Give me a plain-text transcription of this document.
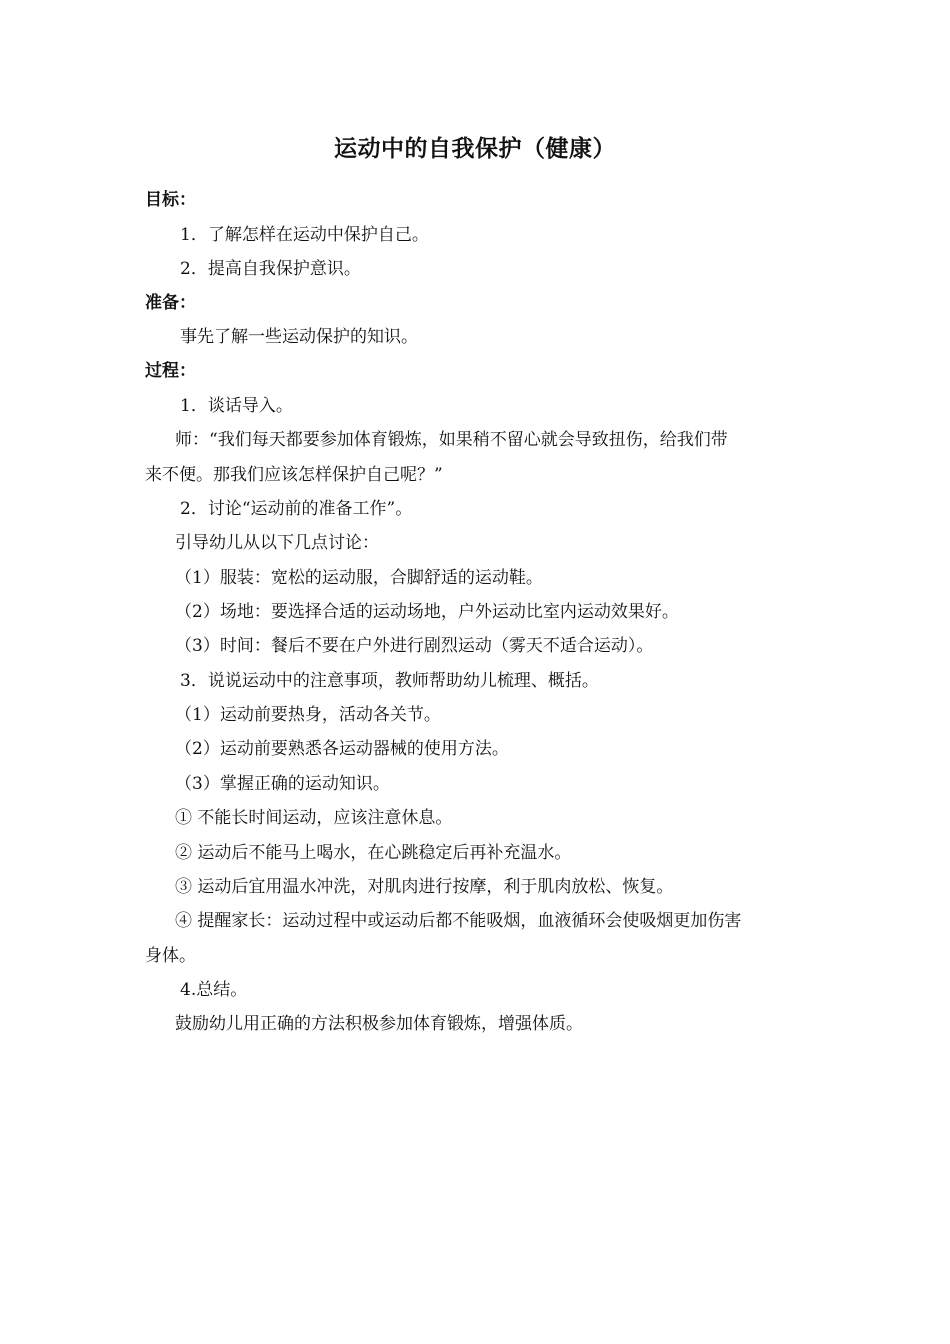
运动中的自我保护（健康）
目标：
1．了解怎样在运动中保护自己。
2．提高自我保护意识。
准备：
事先了解一些运动保护的知识。
过程：
1．谈话导入。
师：“我们每天都要参加体育锻炼，如果稍不留心就会导致扭伤，给我们带
来不便。那我们应该怎样保护自己呢？”
2．讨论“运动前的准备工作”。
引导幼儿从以下几点讨论：
（1）服装：宽松的运动服，合脚舒适的运动鞋。
（2）场地：要选择合适的运动场地，户外运动比室内运动效果好。
（3）时间：餐后不要在户外进行剧烈运动（雾天不适合运动）。
3．说说运动中的注意事项，教师帮助幼儿梳理、概括。
（1）运动前要热身，活动各关节。
（2）运动前要熟悉各运动器械的使用方法。
（3）掌握正确的运动知识。
① 不能长时间运动，应该注意休息。
② 运动后不能马上喝水，在心跳稳定后再补充温水。
③ 运动后宜用温水冲洗，对肌肉进行按摩，利于肌肉放松、恢复。
④ 提醒家长：运动过程中或运动后都不能吸烟，血液循环会使吸烟更加伤害
身体。
4.总结。
鼓励幼儿用正确的方法积极参加体育锻炼，增强体质。
